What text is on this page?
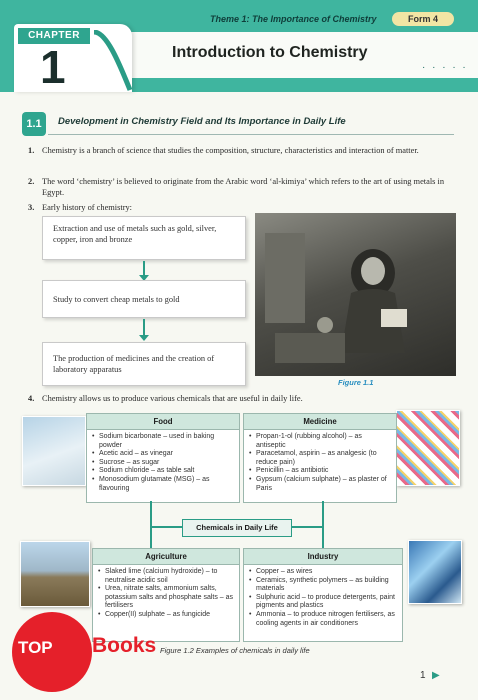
Theme 1: The Importance of Chemistry	Form 4
CHAPTER
1	Introduction to Chemistry
· · · · ·
1.1	Development in Chemistry Field and Its Importance in Daily Life
1. Chemistry is a branch of science that studies the composition, structure, characteristics and interaction of matter.
2. The word ‘chemistry’ is believed to originate from the Arabic word ‘al-kimiya’ which refers to the art of using metals in Egypt.
3. Early history of chemistry:
Extraction and use of metals such as gold, silver, copper, iron and bronze
Study to convert cheap metals to gold
The production of medicines and the creation of laboratory apparatus
Figure 1.1
4. Chemistry allows us to produce various chemicals that are useful in daily life.
Food
• Sodium bicarbonate – used in baking powder
• Acetic acid – as vinegar
• Sucrose – as sugar
• Sodium chloride – as table salt
• Monosodium glutamate (MSG) – as flavouring
Medicine
• Propan-1-ol (rubbing alcohol) – as antiseptic
• Paracetamol, aspirin – as analgesic (to reduce pain)
• Penicillin – as antibiotic
• Gypsum (calcium sulphate) – as plaster of Paris
Chemicals in Daily Life
Agriculture
• Slaked lime (calcium hydroxide) – to neutralise acidic soil
• Urea, nitrate salts, ammonium salts, potassium salts and phosphate salts – as fertilisers
• Copper(II) sulphate – as fungicide
Industry
• Copper – as wires
• Ceramics, synthetic polymers – as building materials
• Sulphuric acid – to produce detergents, paint pigments and plastics
• Ammonia – to produce nitrogen fertilisers, as cooling agents in air conditioners
Figure 1.2 Examples of chemicals in daily life
TOP Books
1 ▶
